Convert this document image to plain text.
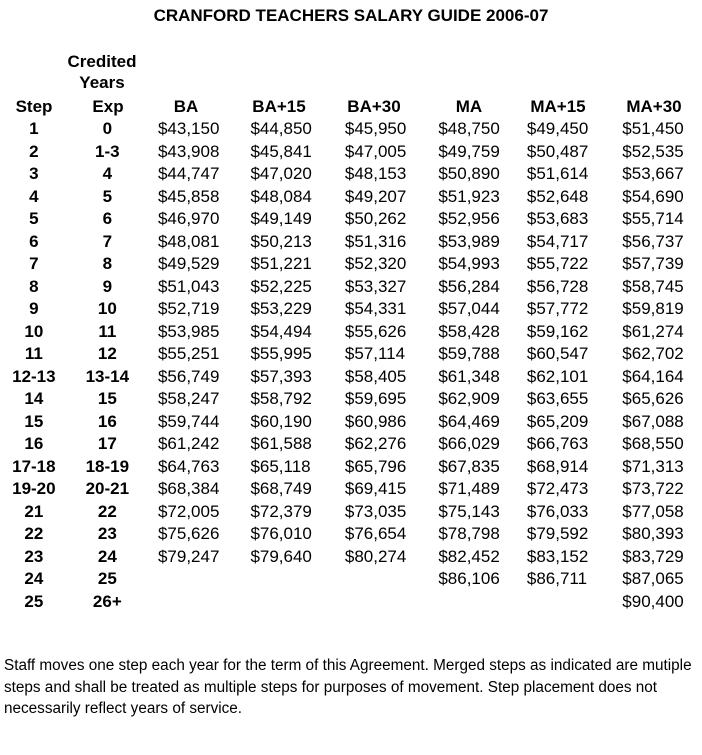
CRANFORD TEACHERS SALARY GUIDE 2006-07
Credited
Years
Step	Exp	BA	BA+15	BA+30	MA	MA+15	MA+30
1	0	$43,150	$44,850	$45,950	$48,750	$49,450	$51,450
2	1-3	$43,908	$45,841	$47,005	$49,759	$50,487	$52,535
3	4	$44,747	$47,020	$48,153	$50,890	$51,614	$53,667
4	5	$45,858	$48,084	$49,207	$51,923	$52,648	$54,690
5	6	$46,970	$49,149	$50,262	$52,956	$53,683	$55,714
6	7	$48,081	$50,213	$51,316	$53,989	$54,717	$56,737
7	8	$49,529	$51,221	$52,320	$54,993	$55,722	$57,739
8	9	$51,043	$52,225	$53,327	$56,284	$56,728	$58,745
9	10	$52,719	$53,229	$54,331	$57,044	$57,772	$59,819
10	11	$53,985	$54,494	$55,626	$58,428	$59,162	$61,274
11	12	$55,251	$55,995	$57,114	$59,788	$60,547	$62,702
12-13	13-14	$56,749	$57,393	$58,405	$61,348	$62,101	$64,164
14	15	$58,247	$58,792	$59,695	$62,909	$63,655	$65,626
15	16	$59,744	$60,190	$60,986	$64,469	$65,209	$67,088
16	17	$61,242	$61,588	$62,276	$66,029	$66,763	$68,550
17-18	18-19	$64,763	$65,118	$65,796	$67,835	$68,914	$71,313
19-20	20-21	$68,384	$68,749	$69,415	$71,489	$72,473	$73,722
21	22	$72,005	$72,379	$73,035	$75,143	$76,033	$77,058
22	23	$75,626	$76,010	$76,654	$78,798	$79,592	$80,393
23	24	$79,247	$79,640	$80,274	$82,452	$83,152	$83,729
24	25				$86,106	$86,711	$87,065
25	26+						$90,400
Staff moves one step each year for the term of this Agreement. Merged steps as indicated are mutiple steps and shall be treated as multiple steps for purposes of movement. Step placement does not necessarily reflect years of service.
